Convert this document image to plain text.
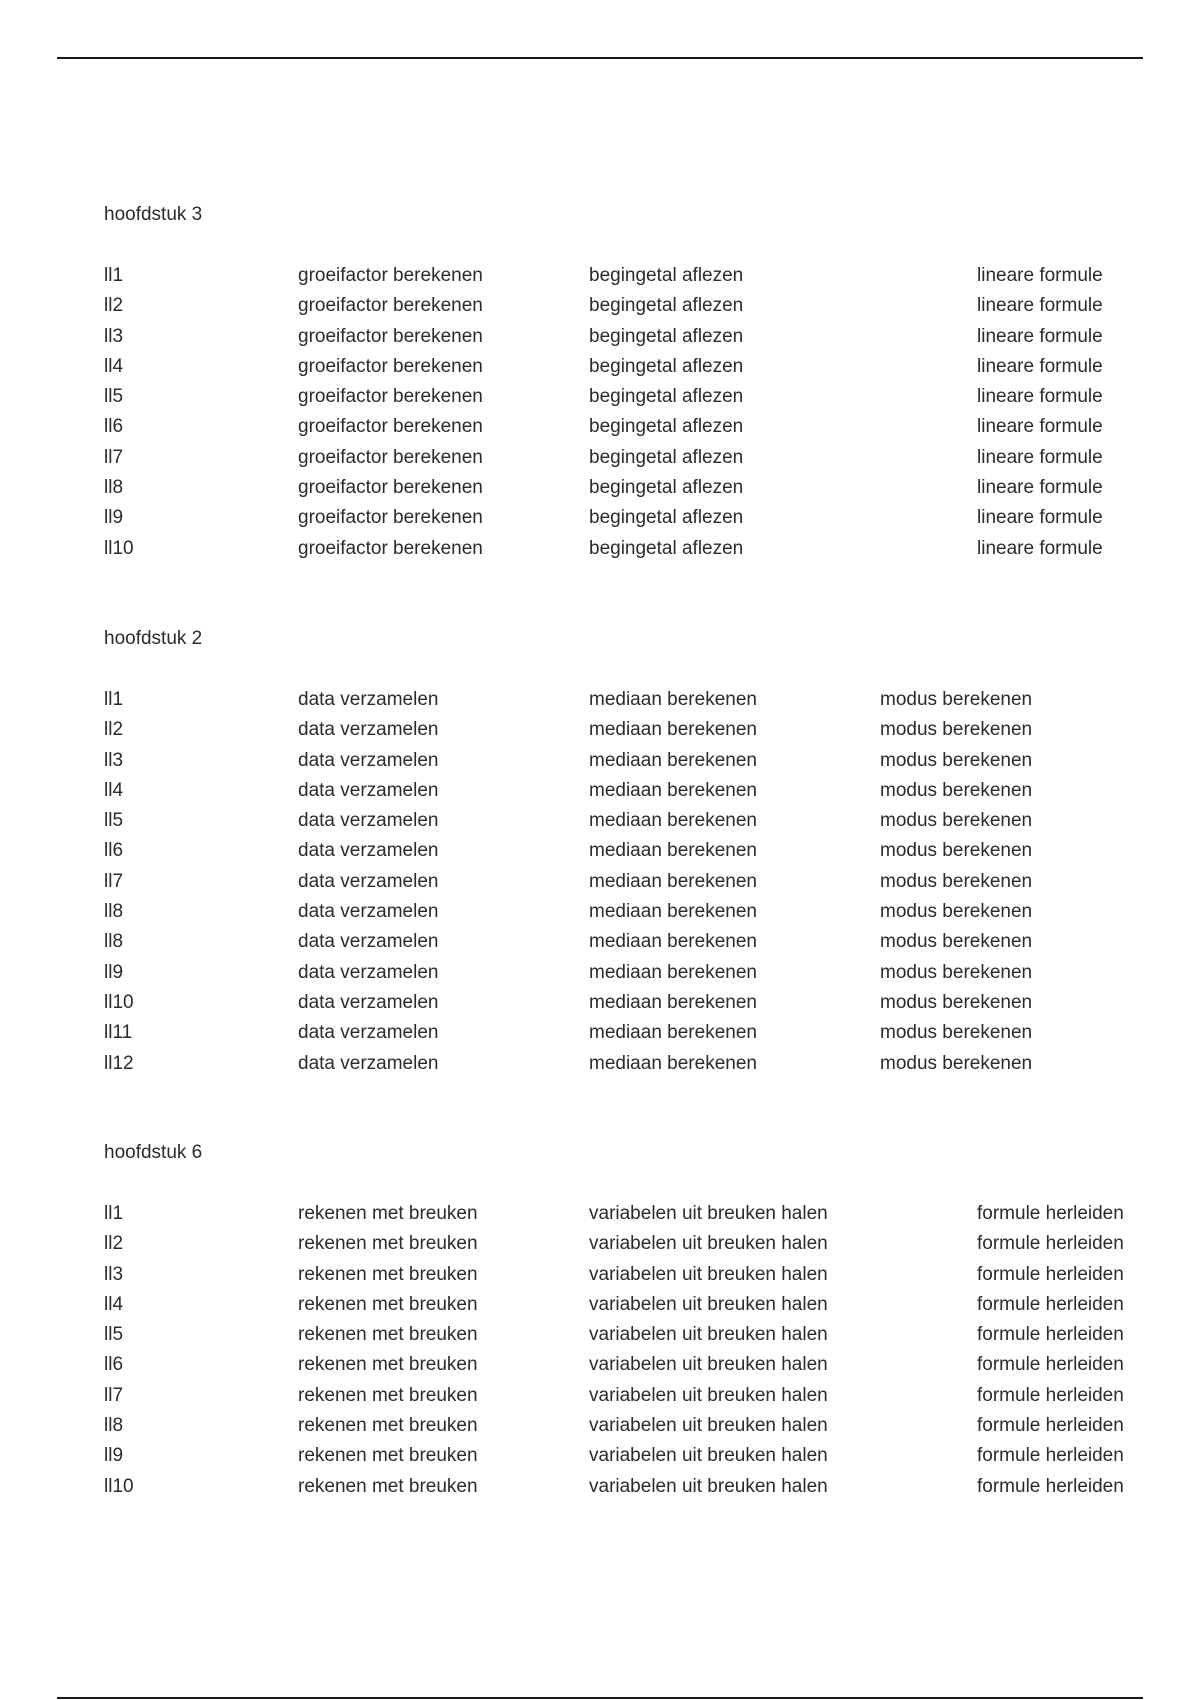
hoofdstuk 3
ll1	groeifactor berekenen	begingetal aflezen	lineare formule
ll2	groeifactor berekenen	begingetal aflezen	lineare formule
ll3	groeifactor berekenen	begingetal aflezen	lineare formule
ll4	groeifactor berekenen	begingetal aflezen	lineare formule
ll5	groeifactor berekenen	begingetal aflezen	lineare formule
ll6	groeifactor berekenen	begingetal aflezen	lineare formule
ll7	groeifactor berekenen	begingetal aflezen	lineare formule
ll8	groeifactor berekenen	begingetal aflezen	lineare formule
ll9	groeifactor berekenen	begingetal aflezen	lineare formule
ll10	groeifactor berekenen	begingetal aflezen	lineare formule
hoofdstuk 2
ll1	data verzamelen	mediaan berekenen	modus berekenen
ll2	data verzamelen	mediaan berekenen	modus berekenen
ll3	data verzamelen	mediaan berekenen	modus berekenen
ll4	data verzamelen	mediaan berekenen	modus berekenen
ll5	data verzamelen	mediaan berekenen	modus berekenen
ll6	data verzamelen	mediaan berekenen	modus berekenen
ll7	data verzamelen	mediaan berekenen	modus berekenen
ll8	data verzamelen	mediaan berekenen	modus berekenen
ll8	data verzamelen	mediaan berekenen	modus berekenen
ll9	data verzamelen	mediaan berekenen	modus berekenen
ll10	data verzamelen	mediaan berekenen	modus berekenen
ll11	data verzamelen	mediaan berekenen	modus berekenen
ll12	data verzamelen	mediaan berekenen	modus berekenen
hoofdstuk 6
ll1	rekenen met breuken	variabelen uit breuken halen	formule herleiden
ll2	rekenen met breuken	variabelen uit breuken halen	formule herleiden
ll3	rekenen met breuken	variabelen uit breuken halen	formule herleiden
ll4	rekenen met breuken	variabelen uit breuken halen	formule herleiden
ll5	rekenen met breuken	variabelen uit breuken halen	formule herleiden
ll6	rekenen met breuken	variabelen uit breuken halen	formule herleiden
ll7	rekenen met breuken	variabelen uit breuken halen	formule herleiden
ll8	rekenen met breuken	variabelen uit breuken halen	formule herleiden
ll9	rekenen met breuken	variabelen uit breuken halen	formule herleiden
ll10	rekenen met breuken	variabelen uit breuken halen	formule herleiden
